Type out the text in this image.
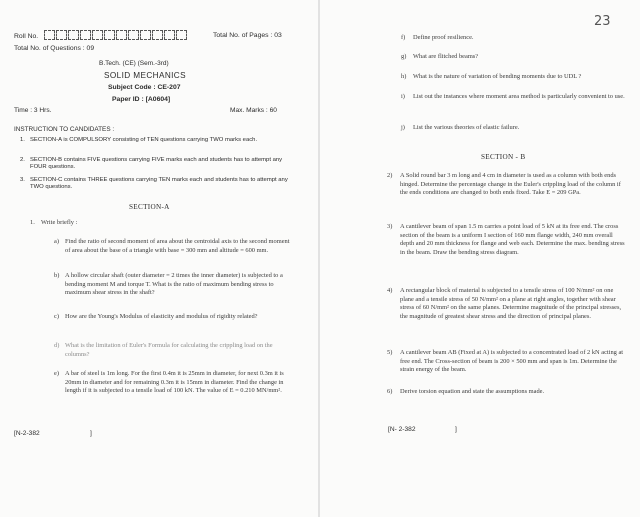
Roll No.	Total No. of Pages : 03
Total No. of Questions : 09
B.Tech. (CE) (Sem.-3rd)
SOLID MECHANICS
Subject Code : CE-207
Paper ID : [A0604]
Time : 3 Hrs.	Max. Marks : 60
INSTRUCTION TO CANDIDATES :
1. SECTION-A is COMPULSORY consisting of TEN questions carrying TWO marks each.
2. SECTION-B contains FIVE questions carrying FIVE marks each and students has to attempt any FOUR questions.
3. SECTION-C contains THREE questions carrying TEN marks each and students has to attempt any TWO questions.
SECTION-A
1. Write briefly :
a) Find the ratio of second moment of area about the centroidal axis to the second moment of area about the base of a triangle with base = 300 mm and altitude = 600 mm.
b) A hollow circular shaft (outer diameter = 2 times the inner diameter) is subjected to a bending moment M and torque T. What is the ratio of maximum bending stress to maximum shear stress in the shaft?
c) How are the Young's Modulus of elasticity and modulus of rigidity related?
d) What is the limitation of Euler's Formula for calculating the crippling load on the columns?
e) A bar of steel is 1m long. For the first 0.4m it is 25mm in diameter, for next 0.3m it is 20mm in diameter and for remaining 0.3m it is 15mm in diameter. Find the change in length if it is subjected to a tensile load of 100 kN. The value of E = 0.210 MN/mm².
[N-2-382	]
23
f) Define proof resilience.
g) What are flitched beams?
h) What is the nature of variation of bending moments due to UDL ?
i) List out the instances where moment area method is particularly convenient to use.
j) List the various theories of elastic failure.
SECTION - B
2) A Solid round bar 3 m long and 4 cm in diameter is used as a column with both ends hinged. Determine the percentage change in the Euler's crippling load of the column if the ends conditions are changed to both ends fixed. Take E = 209 GPa.
3) A cantilever beam of span 1.5 m carries a point load of 5 kN at its free end. The cross section of the beam is a uniform I section of 160 mm flange width, 240 mm overall depth and 20 mm thickness for flange and web each. Determine the max. bending stress in the beam. Draw the bending stress diagram.
4) A rectangular block of material is subjected to a tensile stress of 100 N/mm² on one plane and a tensile stress of 50 N/mm² on a plane at right angles, together with shear stress of 60 N/mm² on the same planes. Determine magnitude of the principal stresses, the magnitude of greatest shear stress and the direction of principal planes.
5) A cantilever beam AB (Fixed at A) is subjected to a concentrated load of 2 kN acting at free end. The Cross-section of beam is 200 × 500 mm and span is 1m. Determine the strain energy of the beam.
6) Derive torsion equation and state the assumptions made.
[N- 2-382	]
